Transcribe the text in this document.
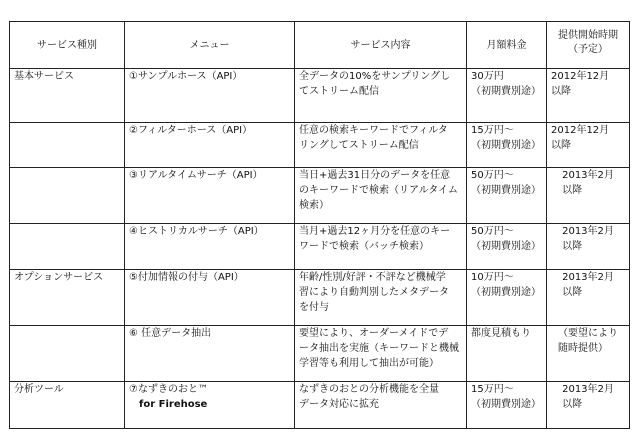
サービス種別	メニュー	サービス内容	月額料金	提供開始時期
（予定）

基本サービス	①サンプルホース（API）	全データの10%をサンプリングし
てストリーム配信	30万円
（初期費別途）	2012年12月
以降

	②フィルターホース（API）	任意の検索キーワードでフィルタ
リングしてストリーム配信	15万円～
（初期費別途）	2012年12月
以降

	③リアルタイムサーチ（API）	当日+過去31日分のデータを任意
のキーワードで検索（リアルタイム
検索）	50万円～
（初期費別途）	2013年2月
以降

	④ヒストリカルサーチ（API）	当月+過去12ヶ月分を任意のキー
ワードで検索（バッチ検索）	50万円～
（初期費別途）	2013年2月
以降

オプションサービス	⑤付加情報の付与（API）	年齢/性別/好評・不評など機械学
習により自動判別したメタデータ
を付与	10万円～
（初期費別途）	2013年2月
以降

	⑥ 任意データ抽出	要望により、オーダーメイドでデ
ータ抽出を実施（キーワードと機械
学習等も利用して抽出が可能）	都度見積もり	（要望により
随時提供）

分析ツール	⑦なずきのおと™
for Firehose	なずきのおとの分析機能を全量
データ対応に拡充	15万円～
（初期費別途）	2013年2月
以降
